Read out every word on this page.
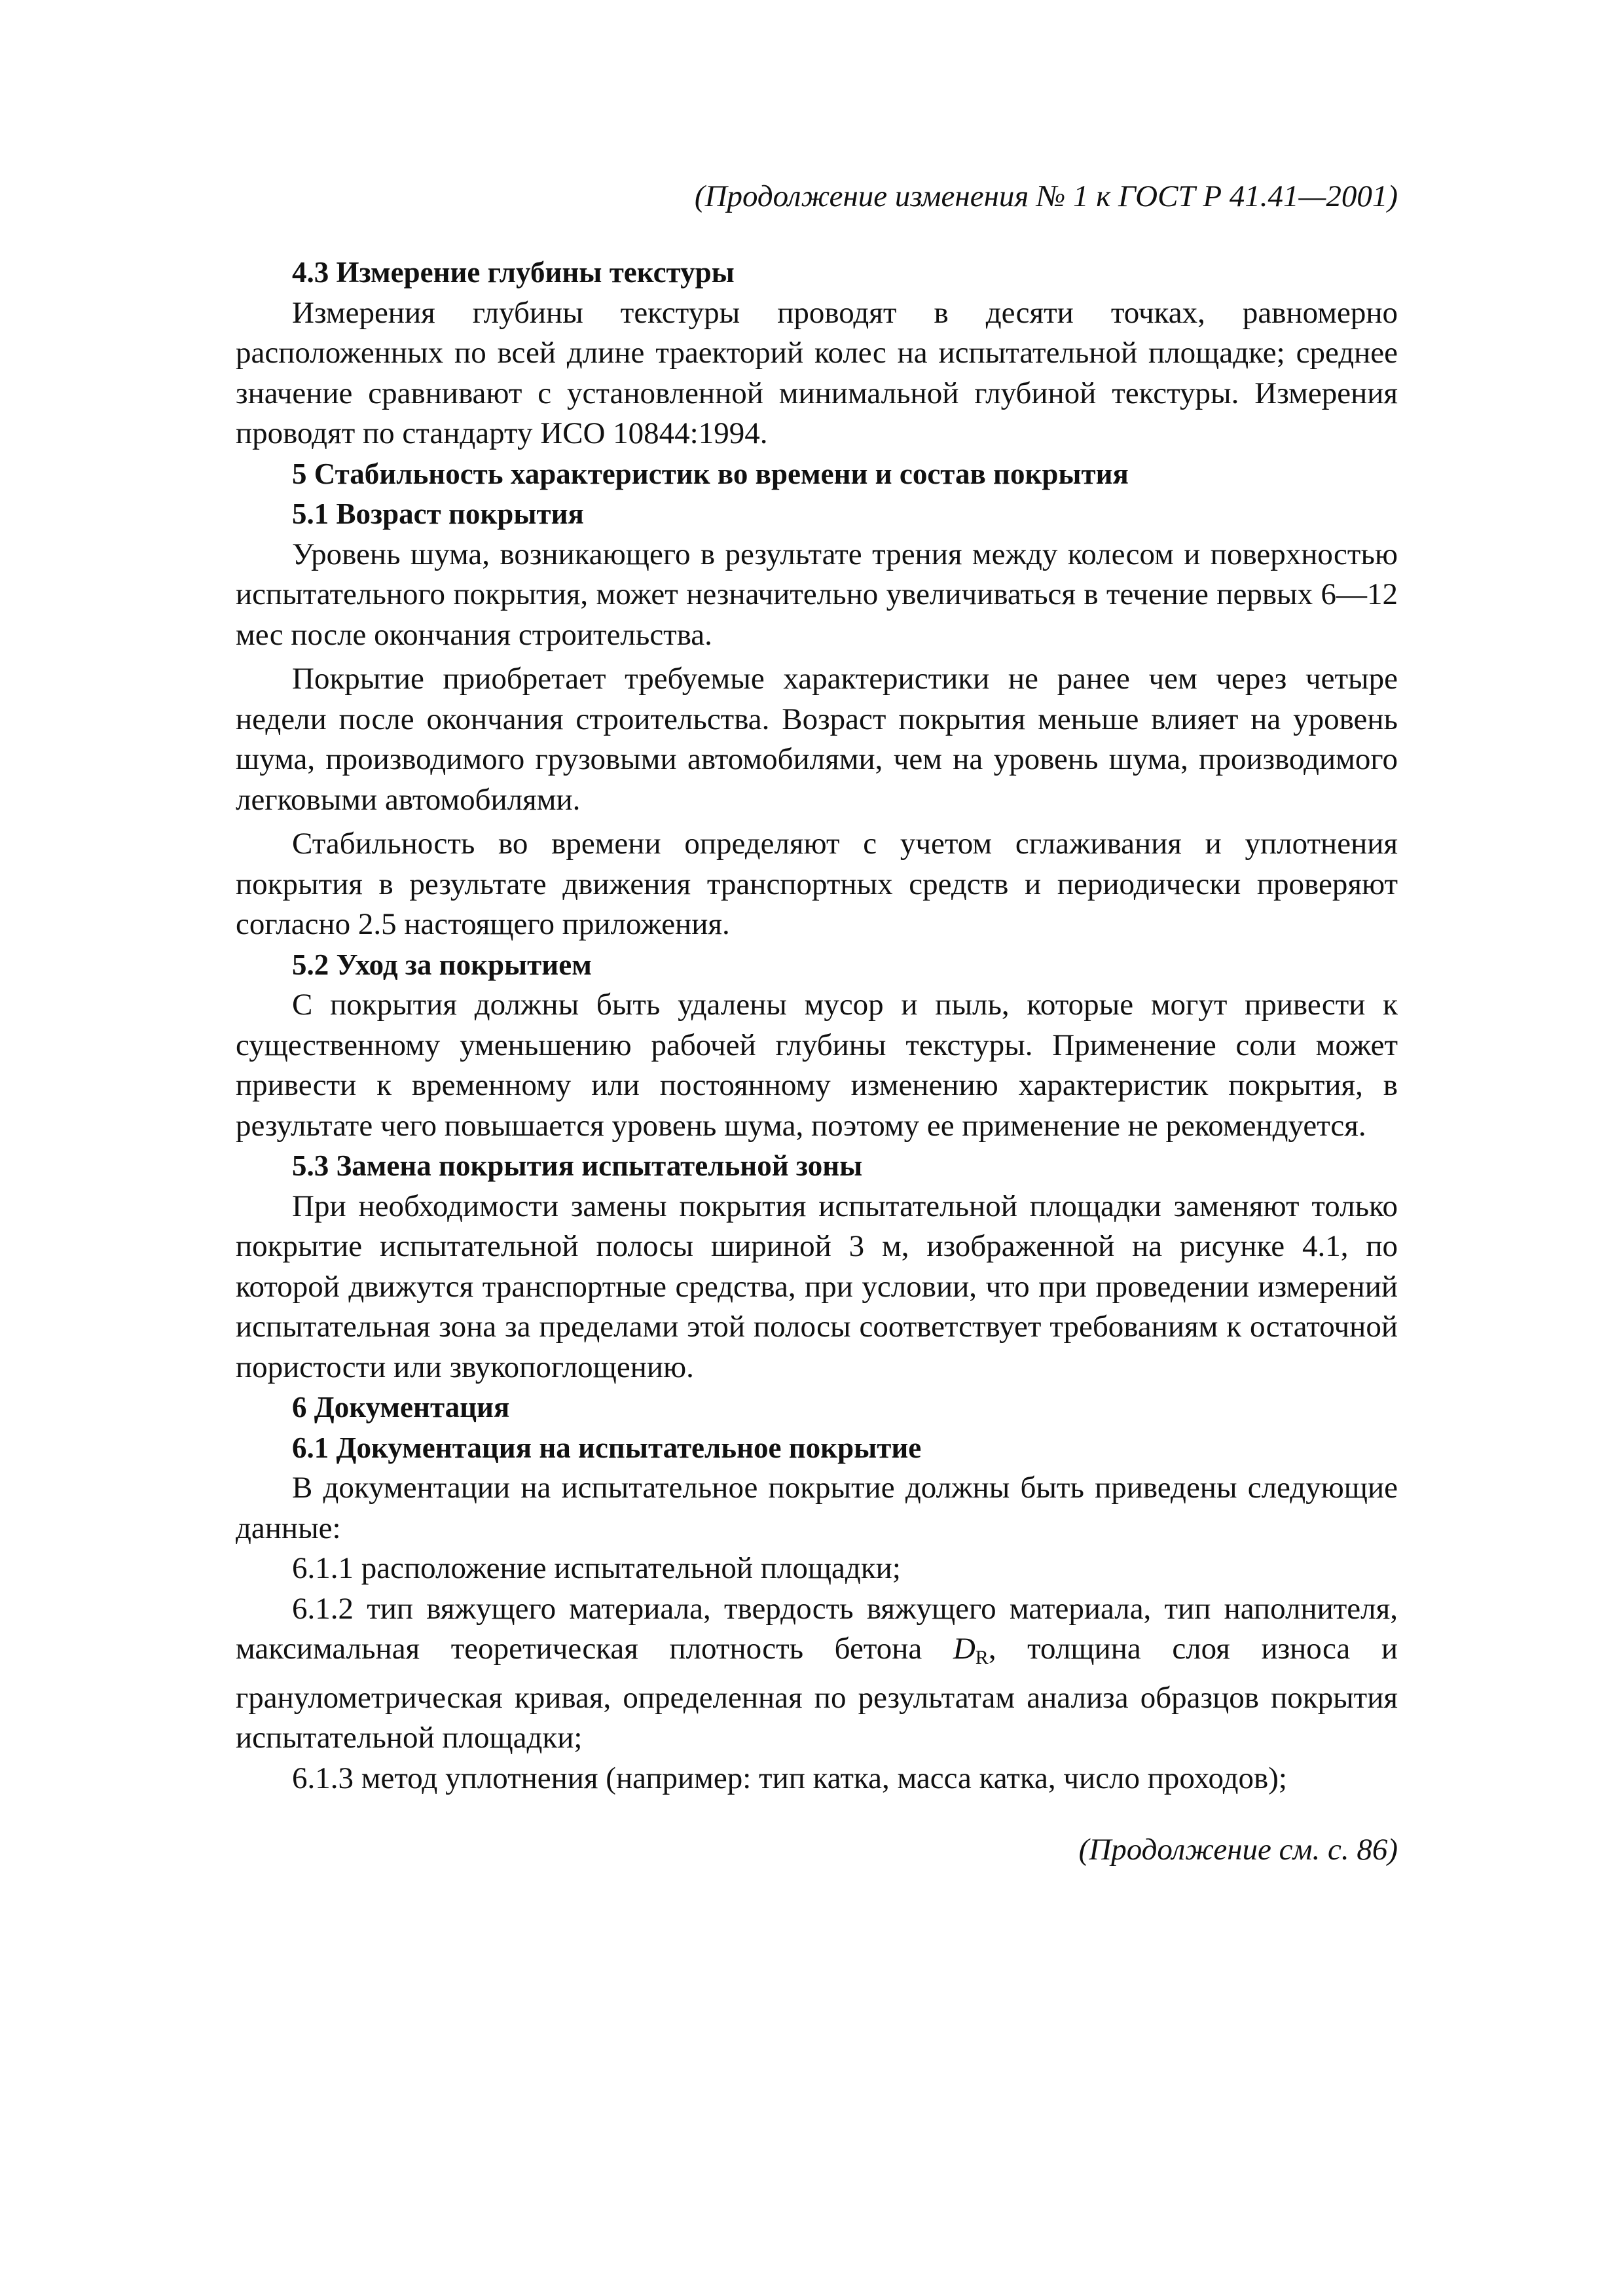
(Продолжение изменения № 1 к ГОСТ Р 41.41—2001)
4.3 Измерение глубины текстуры

Измерения глубины текстуры проводят в десяти точках, равномерно расположенных по всей длине траекторий колес на испытательной площадке; среднее значение сравнивают с установленной минимальной глубиной текстуры. Измерения проводят по стандарту ИСО 10844:1994.

5 Стабильность характеристик во времени и состав покрытия
5.1 Возраст покрытия

Уровень шума, возникающего в результате трения между колесом и поверхностью испытательного покрытия, может незначительно увеличиваться в течение первых 6—12 мес после окончания строительства.

Покрытие приобретает требуемые характеристики не ранее чем через четыре недели после окончания строительства. Возраст покрытия меньше влияет на уровень шума, производимого грузовыми автомобилями, чем на уровень шума, производимого легковыми автомобилями.

Стабильность во времени определяют с учетом сглаживания и уплотнения покрытия в результате движения транспортных средств и периодически проверяют согласно 2.5 настоящего приложения.

5.2 Уход за покрытием

С покрытия должны быть удалены мусор и пыль, которые могут привести к существенному уменьшению рабочей глубины текстуры. Применение соли может привести к временному или постоянному изменению характеристик покрытия, в результате чего повышается уровень шума, поэтому ее применение не рекомендуется.

5.3 Замена покрытия испытательной зоны

При необходимости замены покрытия испытательной площадки заменяют только покрытие испытательной полосы шириной 3 м, изображенной на рисунке 4.1, по которой движутся транспортные средства, при условии, что при проведении измерений испытательная зона за пределами этой полосы соответствует требованиям к остаточной пористости или звукопоглощению.

6 Документация
6.1 Документация на испытательное покрытие

В документации на испытательное покрытие должны быть приведены следующие данные:

6.1.1 расположение испытательной площадки;

6.1.2 тип вяжущего материала, твердость вяжущего материала, тип наполнителя, максимальная теоретическая плотность бетона $D_R$, толщина слоя износа и гранулометрическая кривая, определенная по результатам анализа образцов покрытия испытательной площадки;

6.1.3 метод уплотнения (например: тип катка, масса катка, число проходов);

(Продолжение см. с. 86)
